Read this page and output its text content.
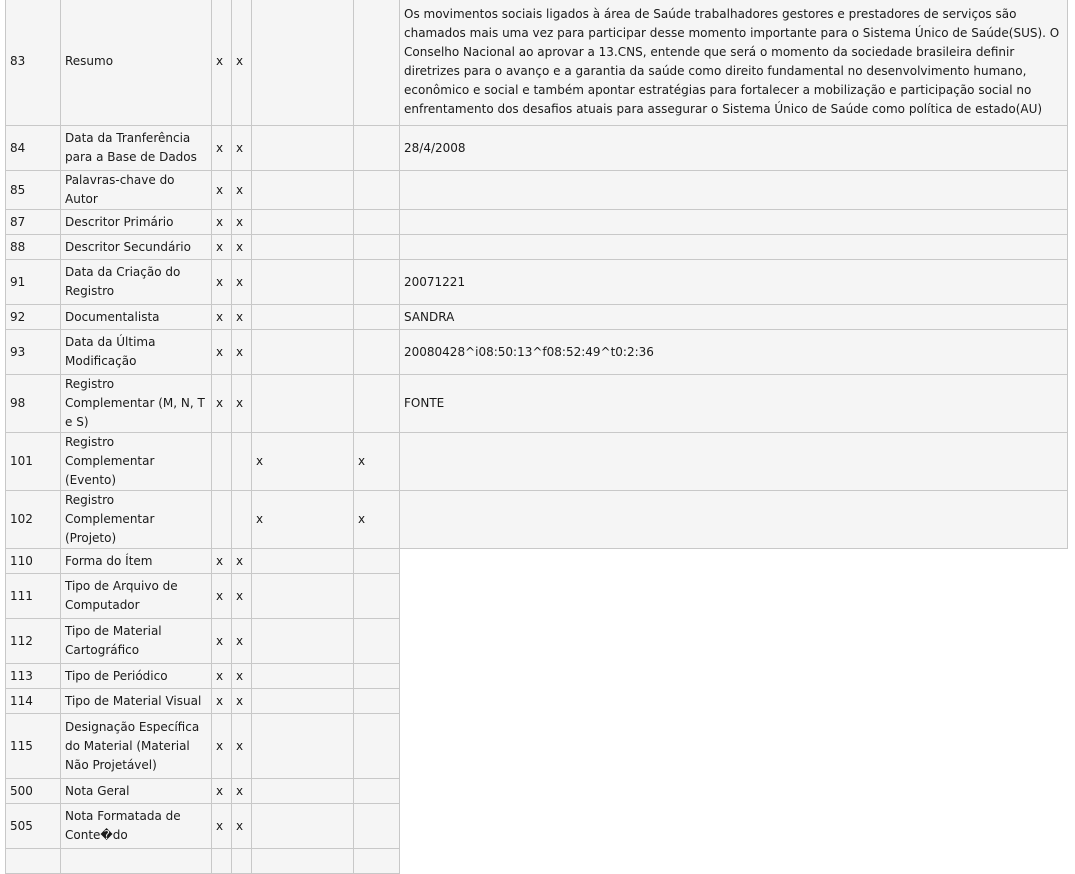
83	Resumo	x	x			Os movimentos sociais ligados à área de Saúde trabalhadores gestores e prestadores de serviços são chamados mais uma vez para participar desse momento importante para o Sistema Único de Saúde(SUS). O Conselho Nacional ao aprovar a 13.CNS, entende que será o momento da sociedade brasileira definir diretrizes para o avanço e a garantia da saúde como direito fundamental no desenvolvimento humano, econômico e social e também apontar estratégias para fortalecer a mobilização e participação social no enfrentamento dos desafios atuais para assegurar o Sistema Único de Saúde como política de estado(AU)
84	Data da Tranferência para a Base de Dados	x	x			28/4/2008
85	Palavras-chave do Autor	x	x			
87	Descritor Primário	x	x			
88	Descritor Secundário	x	x			
91	Data da Criação do Registro	x	x			20071221
92	Documentalista	x	x			SANDRA
93	Data da Última Modificação	x	x			20080428^i08:50:13^f08:52:49^t0:2:36
98	Registro Complementar (M, N, T e S)	x	x			FONTE
101	Registro Complementar (Evento)			x	x	
102	Registro Complementar (Projeto)			x	x	
110	Forma do Ítem	x	x			
111	Tipo de Arquivo de Computador	x	x			
112	Tipo de Material Cartográfico	x	x			
113	Tipo de Periódico	x	x			
114	Tipo de Material Visual	x	x			
115	Designação Específica do Material (Material Não Projetável)	x	x			
500	Nota Geral	x	x			
505	Nota Formatada de Conte�do	x	x			
